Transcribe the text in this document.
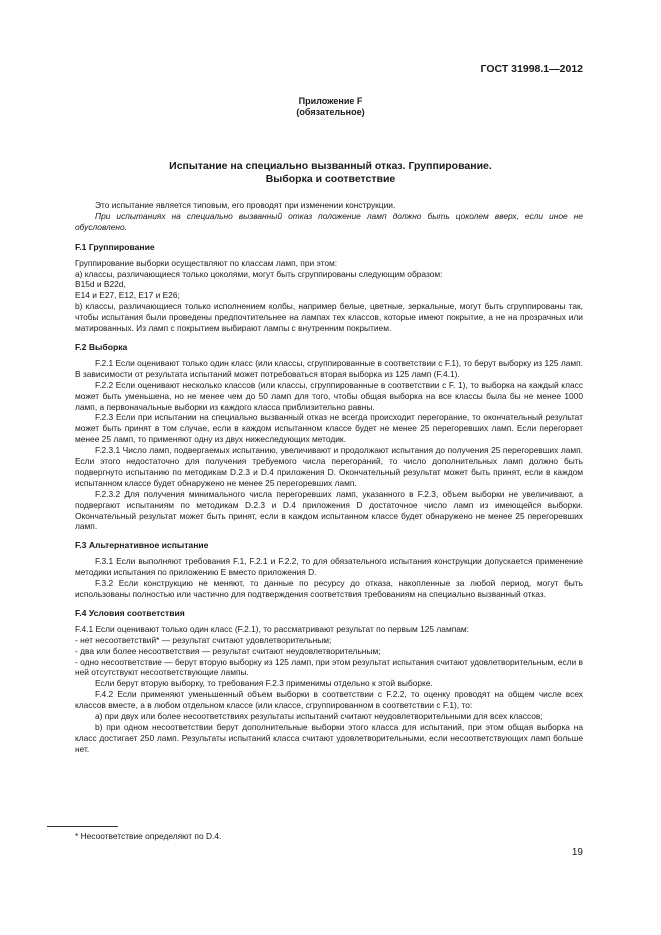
ГОСТ 31998.1—2012
Приложение F
(обязательное)
Испытание на специально вызванный отказ. Группирование.
Выборка и соответствие

Это испытание является типовым, его проводят при изменении конструкции.

При испытаниях на специально вызванный отказ положение ламп должно быть цоколем вверх, если иное не обусловлено.

F.1 Группирование

Группирование выборки осуществляют по классам ламп, при этом:

а) классы, различающиеся только цоколями, могут быть сгруппированы следующим образом:

В15d и В22d,

Е14 и Е27, Е12, Е17 и Е26;

b) классы, различающиеся только исполнением колбы, например белые, цветные, зеркальные, могут быть сгруппированы так, чтобы испытания были проведены предпочтительнее на лампах тех классов, которые имеют покрытие, а не на прозрачных или матированных. Из ламп с покрытием выбирают лампы с внутренним покрытием.

F.2 Выборка

F.2.1 Если оценивают только один класс (или классы, сгруппированные в соответствии с F.1), то берут выборку из 125 ламп. В зависимости от результата испытаний может потребоваться вторая выборка из 125 ламп (F.4.1).

F.2.2 Если оценивают несколько классов (или классы, сгруппированные в соответствии с F. 1), то выборка на каждый класс может быть уменьшена, но не менее чем до 50 ламп для того, чтобы общая выборка на все классы была бы не менее 1000 ламп, а первоначальные выборки из каждого класса приблизительно равны.

F.2.3 Если при испытании на специально вызванный отказ не всегда происходит перегорание, то окончательный результат может быть принят в том случае, если в каждом испытанном классе будет не менее 25 перегоревших ламп. Если перегорает менее 25 ламп, то применяют одну из двух нижеследующих методик.

F.2.3.1 Число ламп, подвергаемых испытанию, увеличивают и продолжают испытания до получения 25 перегоревших ламп. Если этого недостаточно для получения требуемого числа перегораний, то число дополнительных ламп должно быть подвергнуто испытанию по методикам D.2.3 и D.4 приложения D. Окончательный результат может быть принят, если в каждом испытанном классе будет обнаружено не менее 25 перегоревших ламп.

F.2.3.2 Для получения минимального числа перегоревших ламп, указанного в F.2.3, объем выборки не увеличивают, а подвергают испытаниям по методикам D.2.3 и D.4 приложения D достаточное число ламп из имеющейся выборки. Окончательный результат может быть принят, если в каждом испытанном классе будет обнаружено не менее 25 перегоревших ламп.

F.3 Альтернативное испытание

F.3.1 Если выполняют требования F.1, F.2.1 и F.2.2, то для обязательного испытания конструкции допускается применение методики испытания по приложению Е вместо приложения D.

F.3.2 Если конструкцию не меняют, то данные по ресурсу до отказа, накопленные за любой период, могут быть использованы полностью или частично для подтверждения соответствия требованиям на специально вызванный отказ.

F.4 Условия соответствия

F.4.1 Если оценивают только один класс (F.2.1), то рассматривают результат по первым 125 лампам:

- нет несоответствий* — результат считают удовлетворительным;

- два или более несоответствия — результат считают неудовлетворительным;

- одно несоответствие — берут вторую выборку из 125 ламп, при этом результат испытания считают удовлетворительным, если в ней отсутствуют несоответствующие лампы.

Если берут вторую выборку, то требования F.2.3 применимы отдельно к этой выборке.

F.4.2 Если применяют уменьшенный объем выборки в соответствии с F.2.2, то оценку проводят на общем числе всех классов вместе, а в любом отдельном классе (или классе, сгруппированном в соответствии с F.1), то:

а) при двух или более несоответствиях результаты испытаний считают неудовлетворительными для всех классов;

b) при одном несоответствии берут дополнительные выборки этого класса для испытаний, при этом общая выборка на класс достигает 250 ламп. Результаты испытаний класса считают удовлетворительными, если несоответствующих ламп больше нет.

* Несоответствие определяют по D.4.
19
